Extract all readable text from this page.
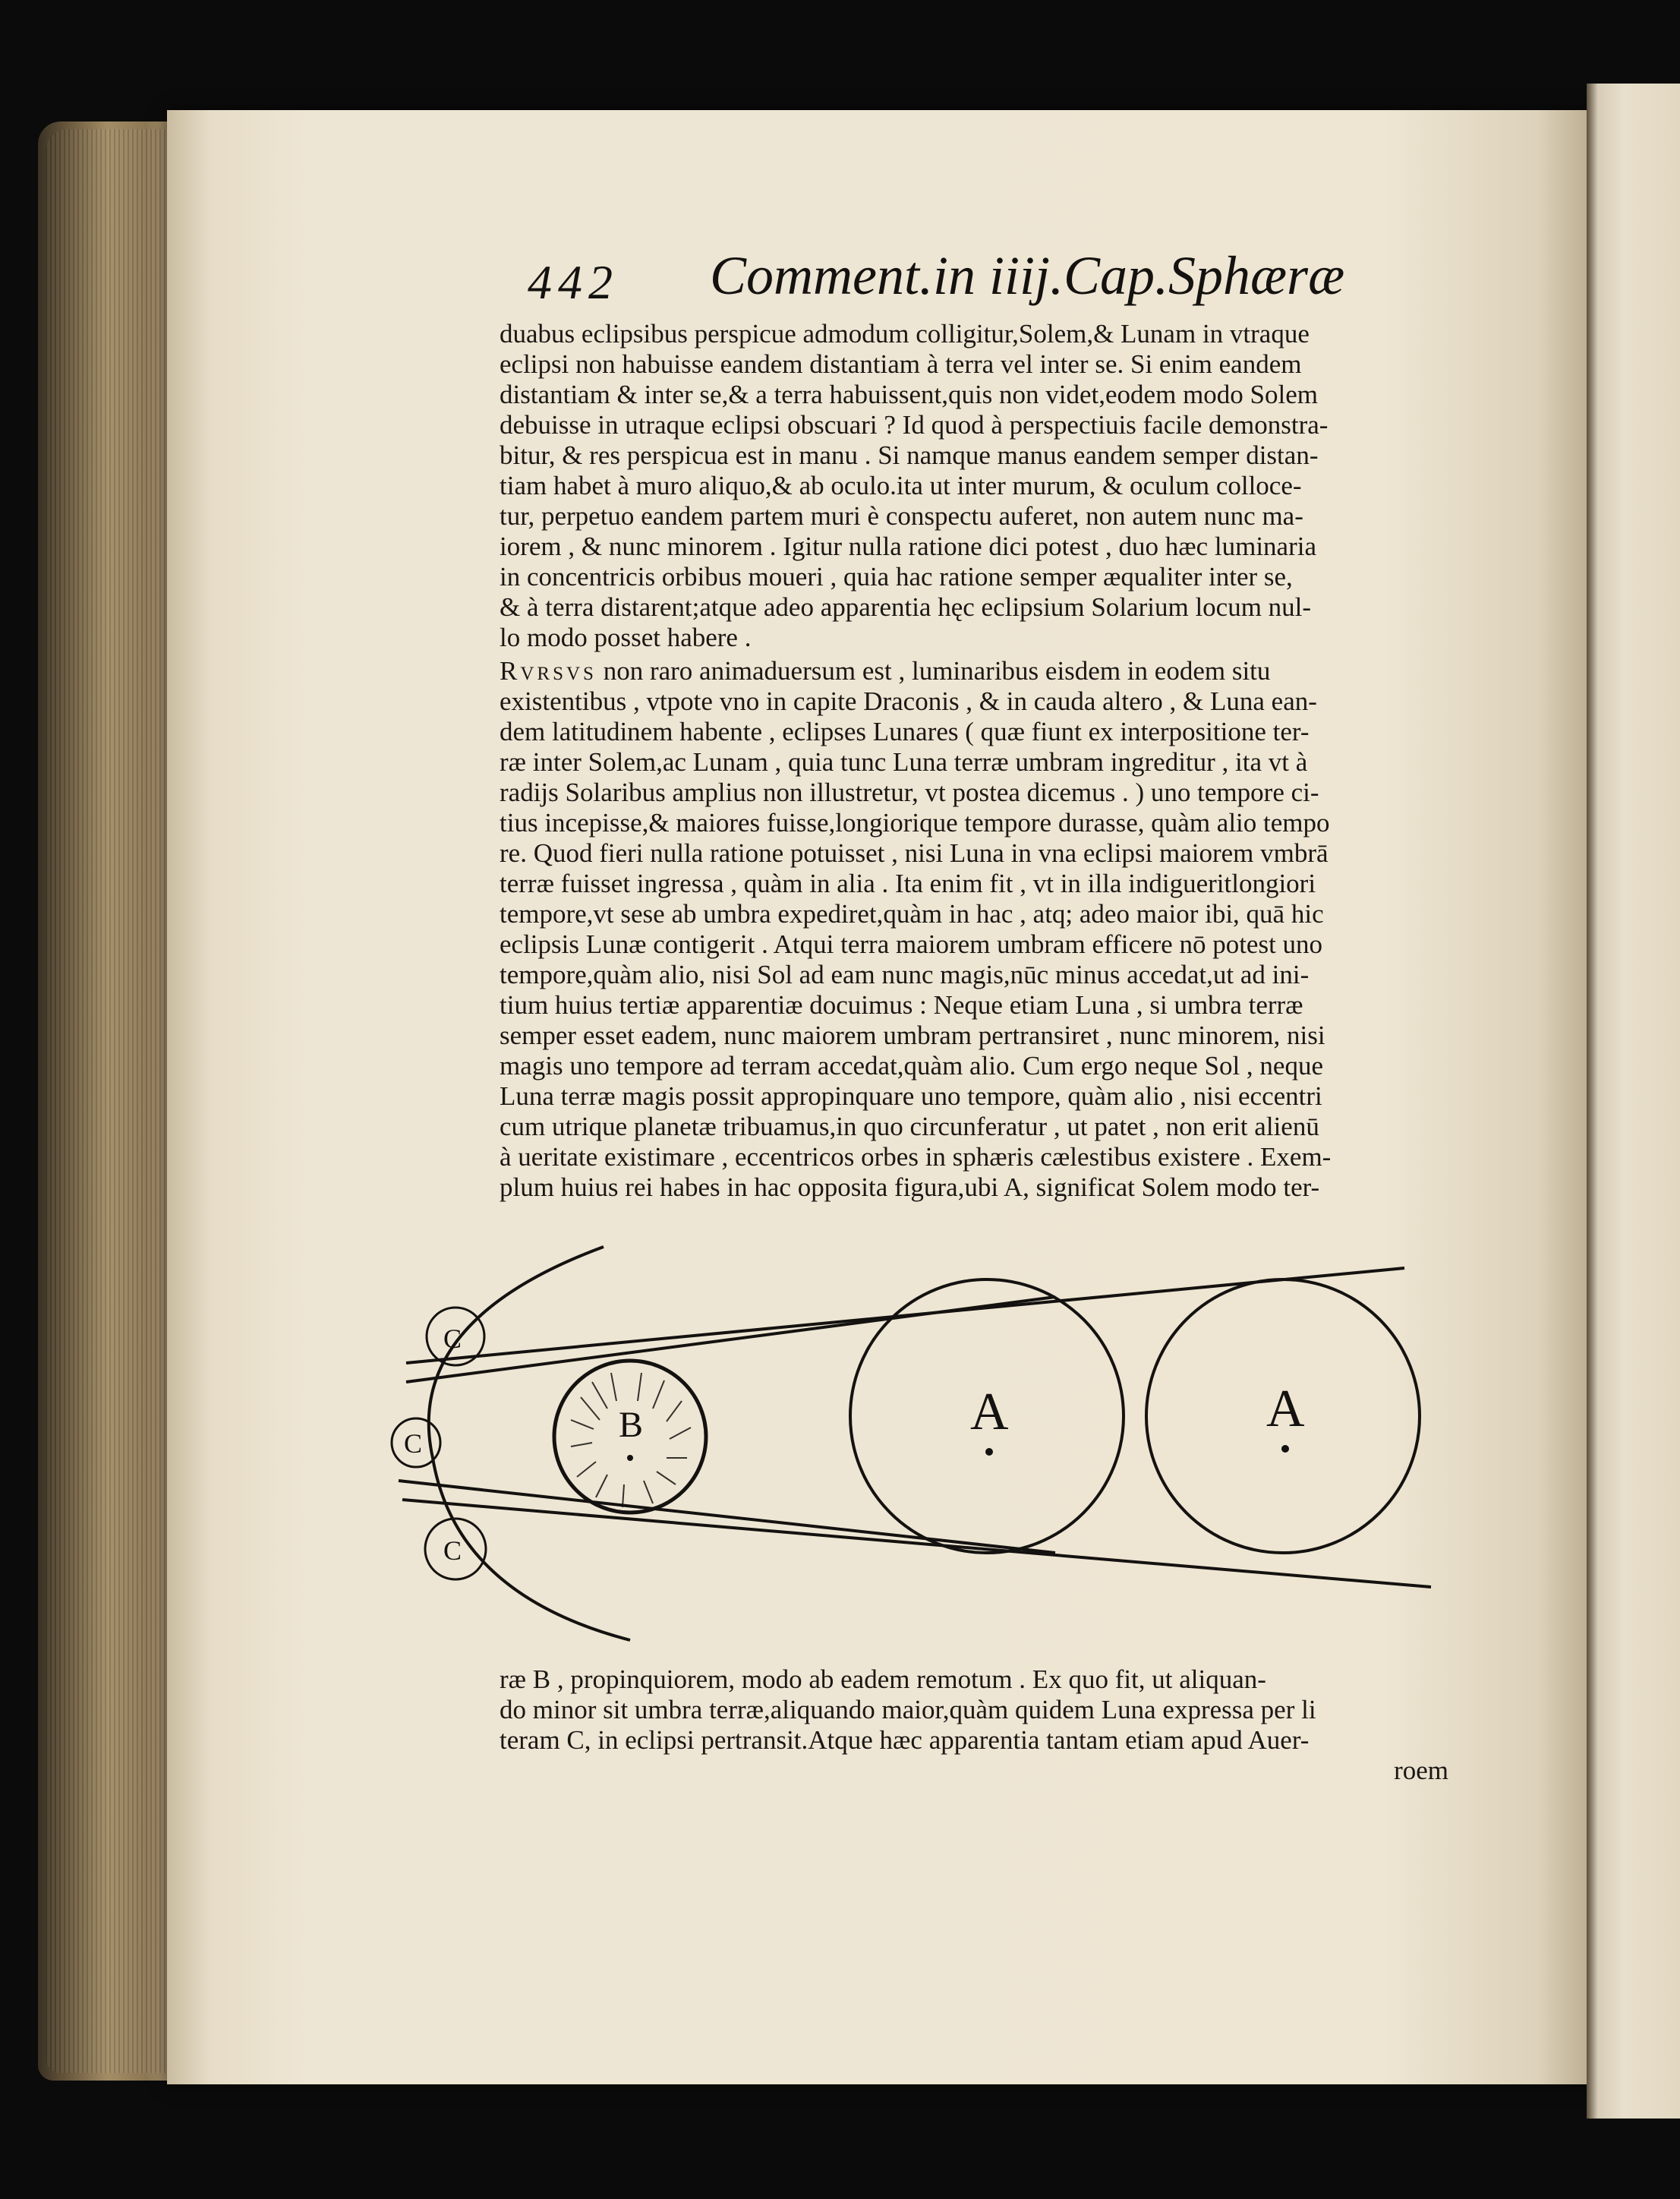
442 Comment.in iiij.Cap.Sphæræ
duabus eclipsibus perspicue admodum colligitur,Solem,& Lunam in vtraque
eclipsi non habuisse eandem distantiam à terra vel inter se. Si enim eandem
distantiam & inter se,& a terra habuissent,quis non videt,eodem modo Solem
debuisse in utraque eclipsi obscuari ? Id quod à perspectiuis facile demonstra-
bitur, & res perspicua est in manu . Si namque manus eandem semper distan-
tiam habet à muro aliquo,& ab oculo.ita ut inter murum, & oculum colloce-
tur, perpetuo eandem partem muri è conspectu auferet, non autem nunc ma-
iorem , & nunc minorem . Igitur nulla ratione dici potest , duo hæc luminaria
in concentricis orbibus moueri , quia hac ratione semper æqualiter inter se,
& à terra distarent;atque adeo apparentia hęc eclipsium Solarium locum nul-
lo modo posset habere .
Rvrsvs non raro animaduersum est , luminaribus eisdem in eodem situ
existentibus , vtpote vno in capite Draconis , & in cauda altero , & Luna ean-
dem latitudinem habente , eclipses Lunares ( quæ fiunt ex interpositione ter-
ræ inter Solem,ac Lunam , quia tunc Luna terræ umbram ingreditur , ita vt à
radijs Solaribus amplius non illustretur, vt postea dicemus . ) uno tempore ci-
tius incepisse,& maiores fuisse,longiorique tempore durasse, quàm alio tempo
re. Quod fieri nulla ratione potuisset , nisi Luna in vna eclipsi maiorem vmbrā
terræ fuisset ingressa , quàm in alia . Ita enim fit , vt in illa indigueritlongiori
tempore,vt sese ab umbra expediret,quàm in hac , atq; adeo maior ibi, quā hic
eclipsis Lunæ contigerit . Atqui terra maiorem umbram efficere nō potest uno
tempore,quàm alio, nisi Sol ad eam nunc magis,nūc minus accedat,ut ad ini-
tium huius tertiæ apparentiæ docuimus : Neque etiam Luna , si umbra terræ
semper esset eadem, nunc maiorem umbram pertransiret , nunc minorem, nisi
magis uno tempore ad terram accedat,quàm alio. Cum ergo neque Sol , neque
Luna terræ magis possit appropinquare uno tempore, quàm alio , nisi eccentri
cum utrique planetæ tribuamus,in quo circunferatur , ut patet , non erit alienū
à ueritate existimare , eccentricos orbes in sphæris cælestibus existere . Exem-
plum huius rei habes in hac opposita figura,ubi A, significat Solem modo ter-
A	A
B
C
C
C
ræ B , propinquiorem, modo ab eadem remotum . Ex quo fit, ut aliquan-
do minor sit umbra terræ,aliquando maior,quàm quidem Luna expressa per li
teram C, in eclipsi pertransit.Atque hæc apparentia tantam etiam apud Auer-
roem
